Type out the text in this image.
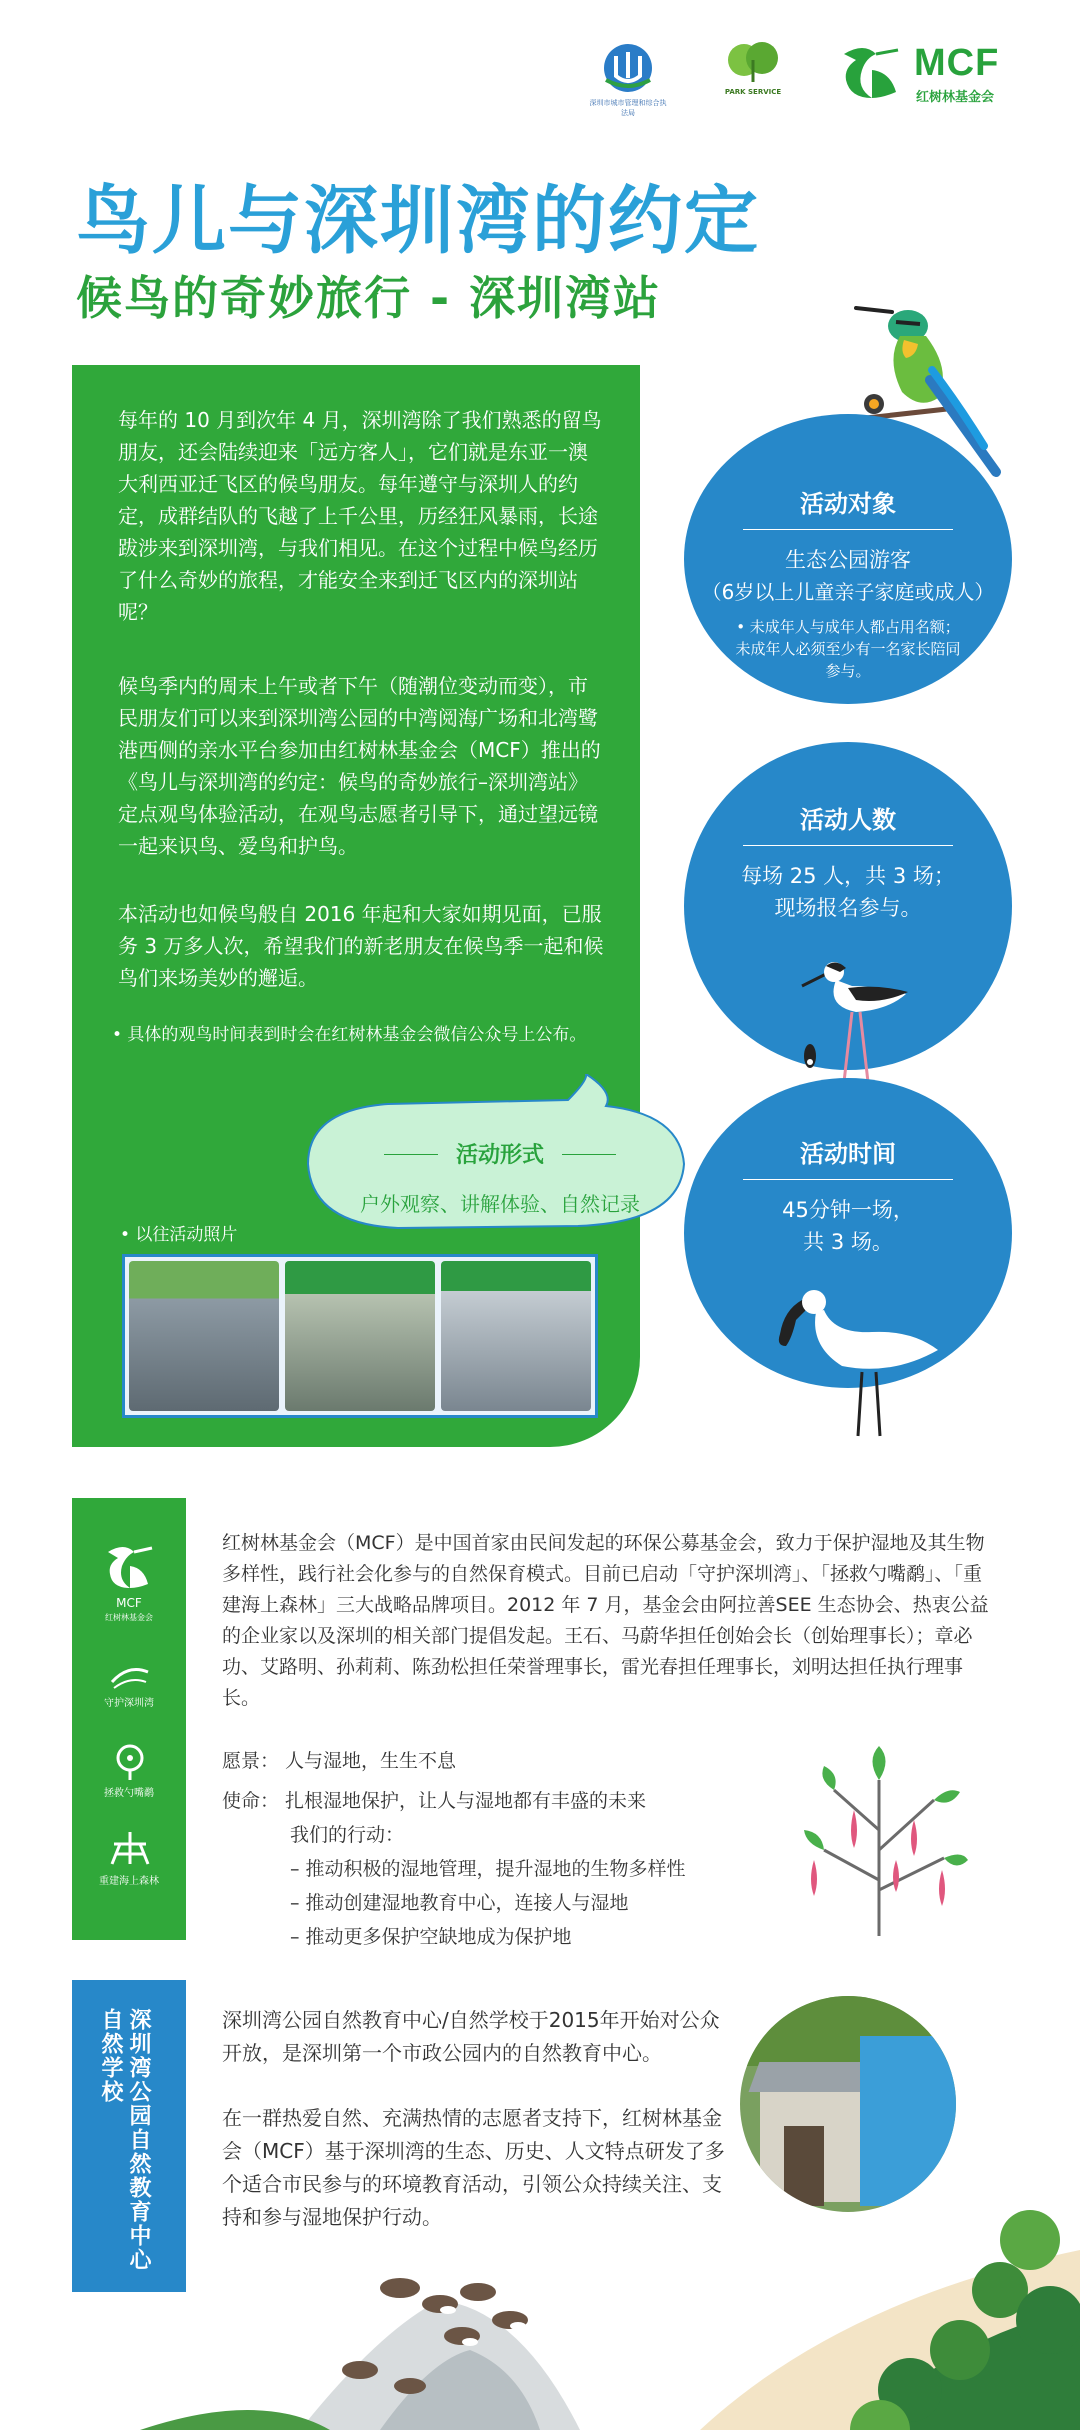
深圳市城市管理和综合执法局
PARK SERVICE
MCF
红树林基金会
鸟儿与深圳湾的约定
候鸟的奇妙旅行 - 深圳湾站
每年的 10 月到次年 4 月，深圳湾除了我们熟悉的留鸟朋友，还会陆续迎来「远方客人」，它们就是东亚一澳大利西亚迁飞区的候鸟朋友。每年遵守与深圳人的约定，成群结队的飞越了上千公里，历经狂风暴雨，长途跋涉来到深圳湾，与我们相见。在这个过程中候鸟经历了什么奇妙的旅程，才能安全来到迁飞区内的深圳站呢？
候鸟季内的周末上午或者下午（随潮位变动而变），市民朋友们可以来到深圳湾公园的中湾阅海广场和北湾鹭港西侧的亲水平台参加由红树林基金会（MCF）推出的《鸟儿与深圳湾的约定：候鸟的奇妙旅行–深圳湾站》定点观鸟体验活动，在观鸟志愿者引导下，通过望远镜一起来识鸟、爱鸟和护鸟。
本活动也如候鸟般自 2016 年起和大家如期见面，已服务 3 万多人次，希望我们的新老朋友在候鸟季一起和候鸟们来场美妙的邂逅。
• 具体的观鸟时间表到时会在红树林基金会微信公众号上公布。
活动形式
户外观察、讲解体验、自然记录
• 以往活动照片
活动对象
生态公园游客
（6岁以上儿童亲子家庭或成人）
• 未成年人与成年人都占用名额；未成年人必须至少有一名家长陪同参与。
活动人数
每场 25 人，共 3 场；
现场报名参与。
活动时间
45分钟一场，
共 3 场。
MCF
红树林基金会
守护深圳湾
拯救勺嘴鹬
重建海上森林
红树林基金会（MCF）是中国首家由民间发起的环保公募基金会，致力于保护湿地及其生物多样性，践行社会化参与的自然保育模式。目前已启动「守护深圳湾」、「拯救勺嘴鹬」、「重建海上森林」三大战略品牌项目。2012 年 7 月，基金会由阿拉善SEE 生态协会、热衷公益的企业家以及深圳的相关部门提倡发起。王石、马蔚华担任创始会长（创始理事长）；章必功、艾路明、孙莉莉、陈劲松担任荣誉理事长，雷光春担任理事长，刘明达担任执行理事长。
愿景： 人与湿地，生生不息
使命： 扎根湿地保护，让人与湿地都有丰盛的未来
我们的行动：
– 推动积极的湿地管理，提升湿地的生物多样性
– 推动创建湿地教育中心，连接人与湿地
– 推动更多保护空缺地成为保护地
深圳湾公园自然教育中心
自然学校	深圳湾公园自然教育中心/自然学校于2015年开始对公众开放，是深圳第一个市政公园内的自然教育中心。
在一群热爱自然、充满热情的志愿者支持下，红树林基金会（MCF）基于深圳湾的生态、历史、人文特点研发了多个适合市民参与的环境教育活动，引领公众持续关注、支持和参与湿地保护行动。
